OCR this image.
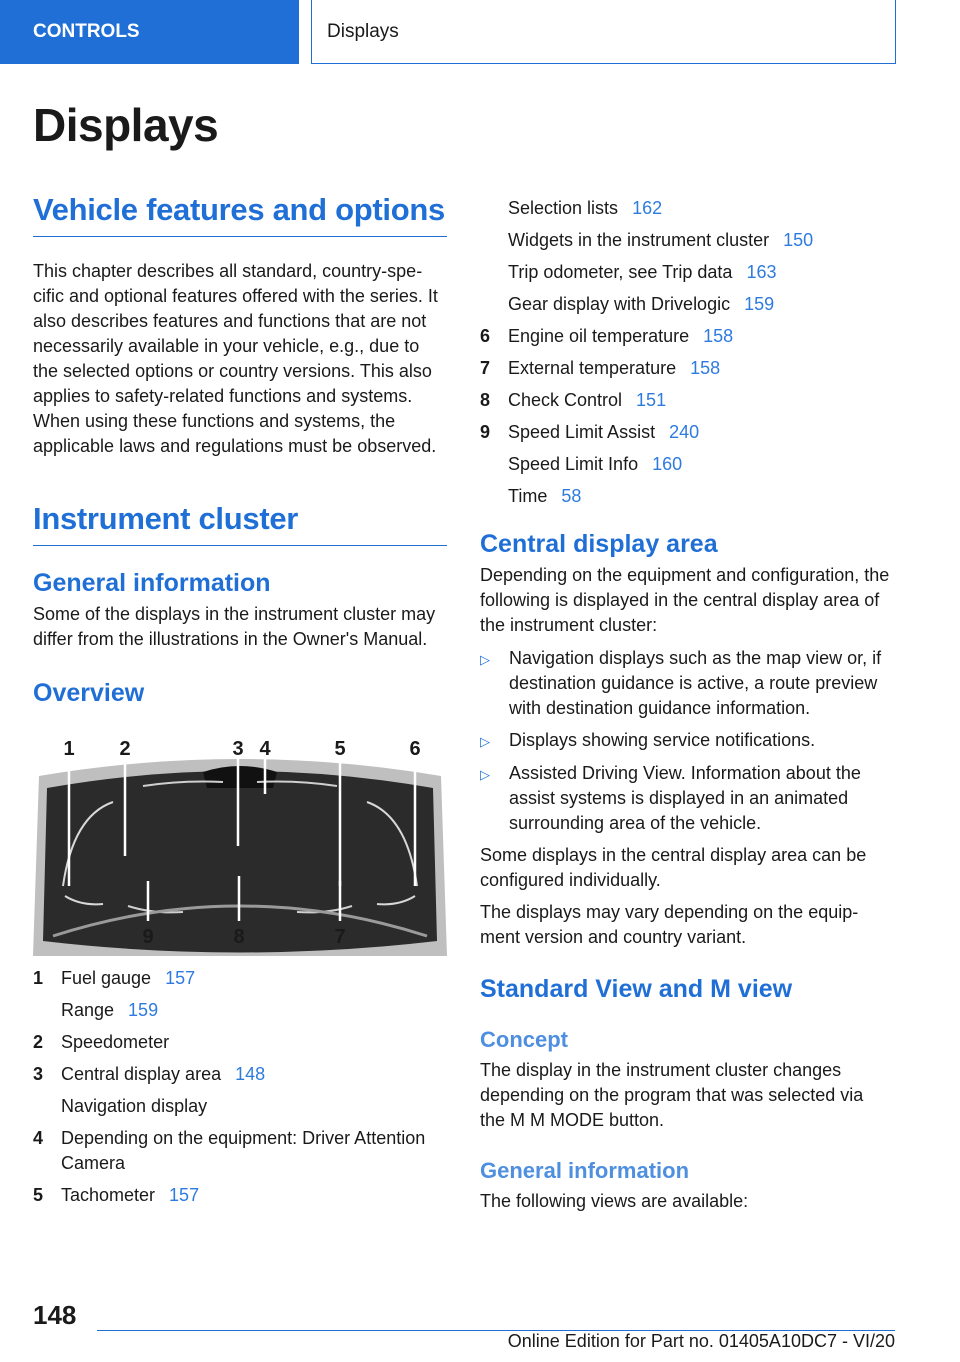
CONTROLS	Displays
Displays
Vehicle features and options

This chapter describes all standard, country-specific and optional features offered with the series. It also describes features and functions that are not necessarily available in your vehicle, e.g., due to the selected options or country versions. This also applies to safety-related functions and systems. When using these functions and systems, the applicable laws and regulations must be observed.

Instrument cluster
General information

Some of the displays in the instrument cluster may differ from the illustrations in the Owner's Manual.

Overview
1 2	3 4	5	6
9	8	7
1 Fuel gauge 157
Range 159
2 Speedometer
3 Central display area 148
Navigation display
4 Depending on the equipment: Driver Attention Camera
5 Tachometer 157
Selection lists 162
Widgets in the instrument cluster 150
Trip odometer, see Trip data 163
Gear display with Drivelogic 159
6 Engine oil temperature 158
7 External temperature 158
8 Check Control 151
9 Speed Limit Assist 240
Speed Limit Info 160
Time 58
Central display area

Depending on the equipment and configuration, the following is displayed in the central display area of the instrument cluster:

▷	Navigation displays such as the map view or, if destination guidance is active, a route preview with destination guidance information.
▷	Displays showing service notifications.
▷	Assisted Driving View. Information about the assist systems is displayed in an animated surrounding area of the vehicle.

Some displays in the central display area can be configured individually.

The displays may vary depending on the equipment version and country variant.

Standard View and M view
Concept

The display in the instrument cluster changes depending on the program that was selected via the M M MODE button.

General information

The following views are available:

148
Online Edition for Part no. 01405A10DC7 - VI/20
